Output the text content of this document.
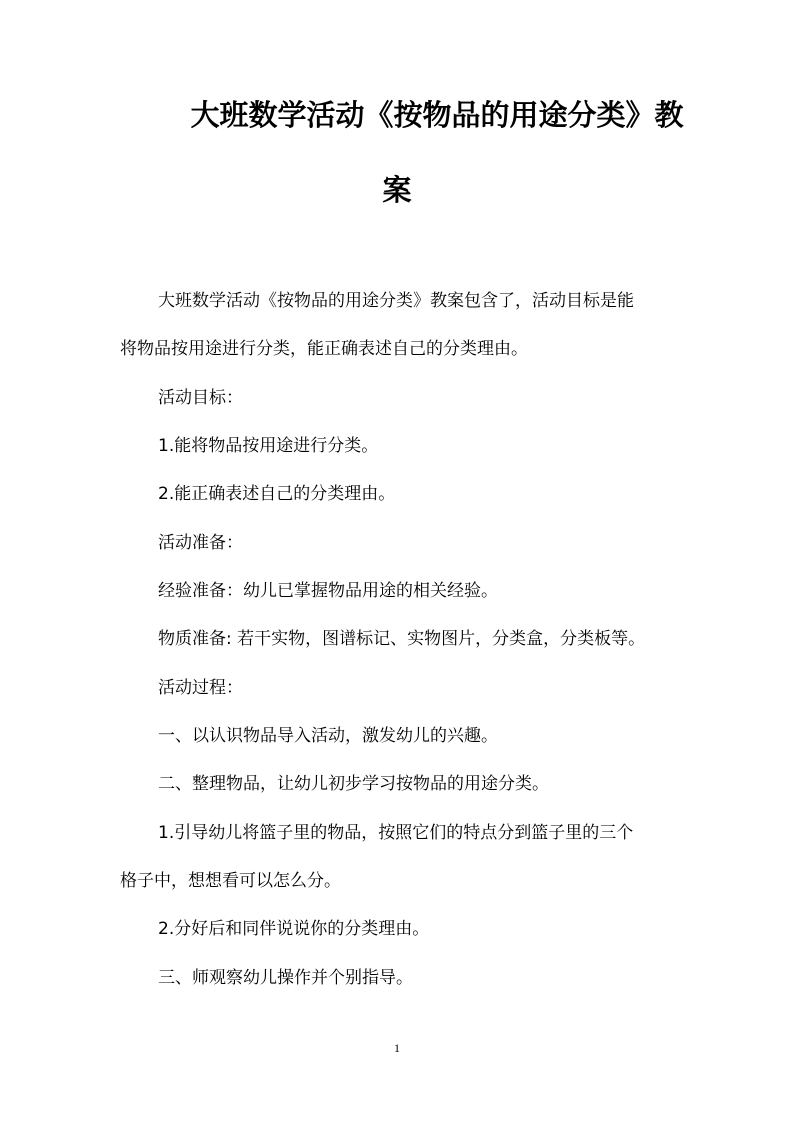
大班数学活动《按物品的用途分类》教
案

大班数学活动《按物品的用途分类》教案包含了，活动目标是能

将物品按用途进行分类，能正确表述自己的分类理由。

活动目标：

1.能将物品按用途进行分类。

2.能正确表述自己的分类理由。

活动准备：

经验准备：幼儿已掌握物品用途的相关经验。

物质准备: 若干实物，图谱标记、实物图片，分类盒，分类板等。

活动过程：

一、以认识物品导入活动，激发幼儿的兴趣。

二、整理物品，让幼儿初步学习按物品的用途分类。

1.引导幼儿将篮子里的物品，按照它们的特点分到篮子里的三个

格子中，想想看可以怎么分。

2.分好后和同伴说说你的分类理由。

三、师观察幼儿操作并个别指导。

1
